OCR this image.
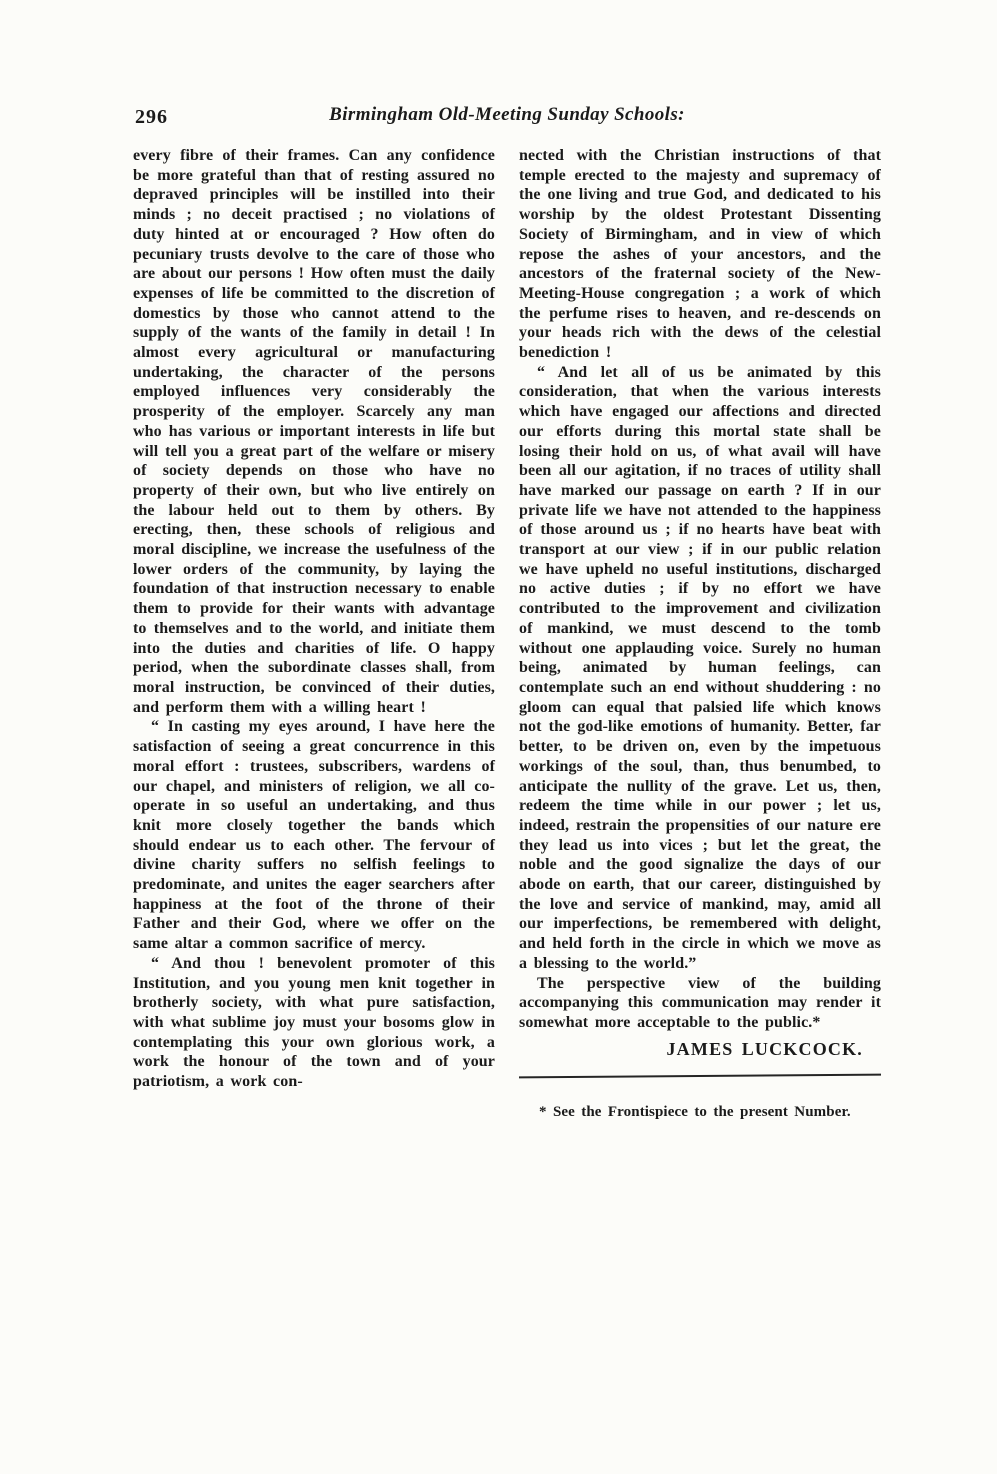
296	Birmingham Old-Meeting Sunday Schools:

every fibre of their frames. Can any confidence be more grateful than that of resting assured no depraved principles will be instilled into their minds ; no deceit practised ; no violations of duty hinted at or encouraged ? How often do pecuniary trusts devolve to the care of those who are about our persons ! How often must the daily expenses of life be committed to the discretion of domestics by those who cannot attend to the supply of the wants of the family in detail ! In almost every agricultural or manufacturing undertaking, the character of the persons employed influences very considerably the prosperity of the employer. Scarcely any man who has various or important interests in life but will tell you a great part of the welfare or misery of society depends on those who have no property of their own, but who live entirely on the labour held out to them by others. By erecting, then, these schools of religious and moral discipline, we increase the usefulness of the lower orders of the community, by laying the foundation of that instruction necessary to enable them to provide for their wants with advantage to themselves and to the world, and initiate them into the duties and charities of life. O happy period, when the subordinate classes shall, from moral instruction, be convinced of their duties, and perform them with a willing heart !

“ In casting my eyes around, I have here the satisfaction of seeing a great concurrence in this moral effort : trustees, subscribers, wardens of our chapel, and ministers of religion, we all co-operate in so useful an undertaking, and thus knit more closely together the bands which should endear us to each other. The fervour of divine charity suffers no selfish feelings to predominate, and unites the eager searchers after happiness at the foot of the throne of their Father and their God, where we offer on the same altar a common sacrifice of mercy.

“ And thou ! benevolent promoter of this Institution, and you young men knit together in brotherly society, with what pure satisfaction, with what sublime joy must your bosoms glow in contemplating this your own glorious work, a work the honour of the town and of your patriotism, a work con-

nected with the Christian instructions of that temple erected to the majesty and supremacy of the one living and true God, and dedicated to his worship by the oldest Protestant Dissenting Society of Birmingham, and in view of which repose the ashes of your ancestors, and the ancestors of the fraternal society of the New-Meeting-House congregation ; a work of which the perfume rises to heaven, and re-descends on your heads rich with the dews of the celestial benediction !

“ And let all of us be animated by this consideration, that when the various interests which have engaged our affections and directed our efforts during this mortal state shall be losing their hold on us, of what avail will have been all our agitation, if no traces of utility shall have marked our passage on earth ? If in our private life we have not attended to the happiness of those around us ; if no hearts have beat with transport at our view ; if in our public relation we have upheld no useful institutions, discharged no active duties ; if by no effort we have contributed to the improvement and civilization of mankind, we must descend to the tomb without one applauding voice. Surely no human being, animated by human feelings, can contemplate such an end without shuddering : no gloom can equal that palsied life which knows not the god-like emotions of humanity. Better, far better, to be driven on, even by the impetuous workings of the soul, than, thus benumbed, to anticipate the nullity of the grave. Let us, then, redeem the time while in our power ; let us, indeed, restrain the propensities of our nature ere they lead us into vices ; but let the great, the noble and the good signalize the days of our abode on earth, that our career, distinguished by the love and service of mankind, may, amid all our imperfections, be remembered with delight, and held forth in the circle in which we move as a blessing to the world.”

The perspective view of the building accompanying this communication may render it somewhat more acceptable to the public.*

JAMES LUCKCOCK.

* See the Frontispiece to the present Number.
